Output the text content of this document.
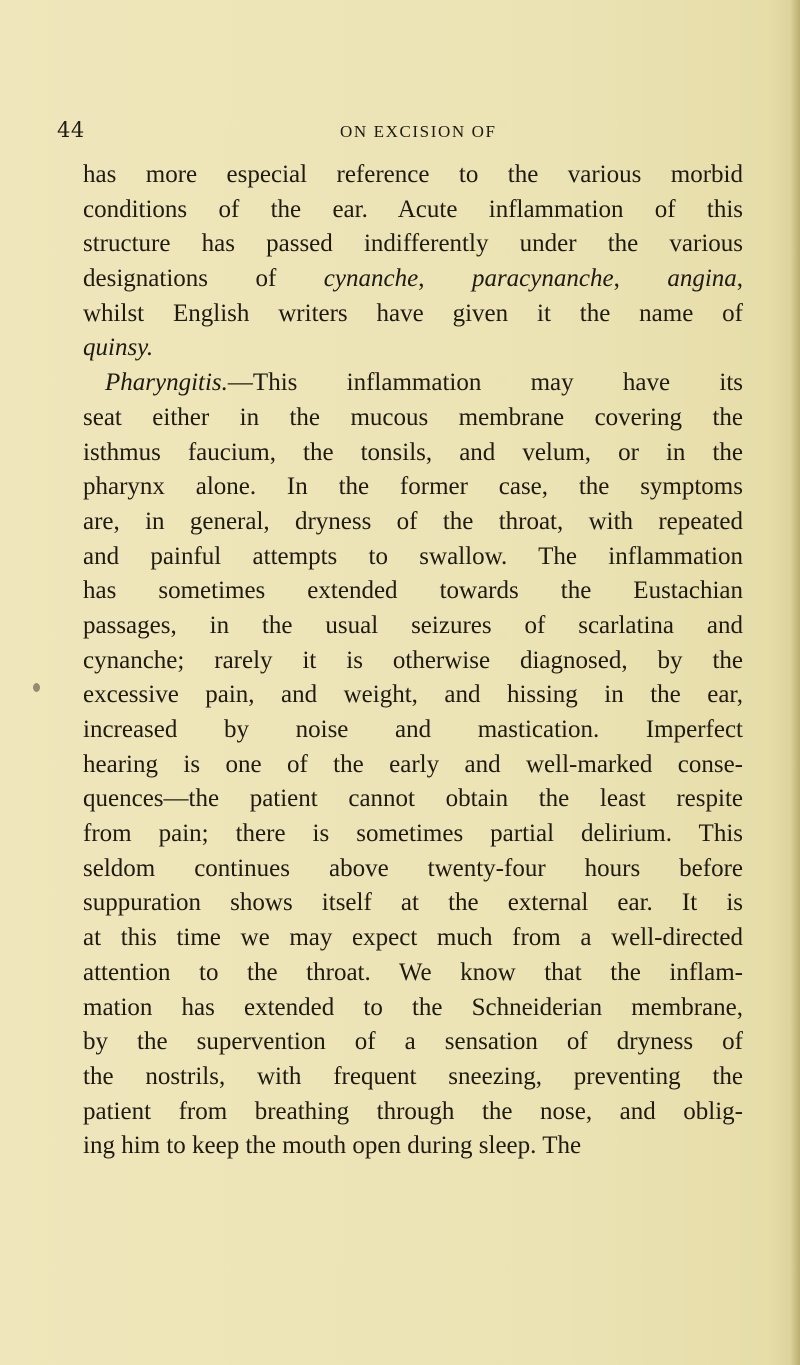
44	ON EXCISION OF
has more especial reference to the various morbid
conditions of the ear. Acute inflammation of this
structure has passed indifferently under the various
designations of cynanche, paracynanche, angina,
whilst English writers have given it the name of
quinsy.
Pharyngitis.—This inflammation may have its
seat either in the mucous membrane covering the
isthmus faucium, the tonsils, and velum, or in the
pharynx alone. In the former case, the symptoms
are, in general, dryness of the throat, with repeated
and painful attempts to swallow. The inflammation
has sometimes extended towards the Eustachian
passages, in the usual seizures of scarlatina and
cynanche; rarely it is otherwise diagnosed, by the
excessive pain, and weight, and hissing in the ear,
increased by noise and mastication. Imperfect
hearing is one of the early and well-marked conse-
quences—the patient cannot obtain the least respite
from pain; there is sometimes partial delirium. This
seldom continues above twenty-four hours before
suppuration shows itself at the external ear. It is
at this time we may expect much from a well-directed
attention to the throat. We know that the inflam-
mation has extended to the Schneiderian membrane,
by the supervention of a sensation of dryness of
the nostrils, with frequent sneezing, preventing the
patient from breathing through the nose, and oblig-
ing him to keep the mouth open during sleep. The
